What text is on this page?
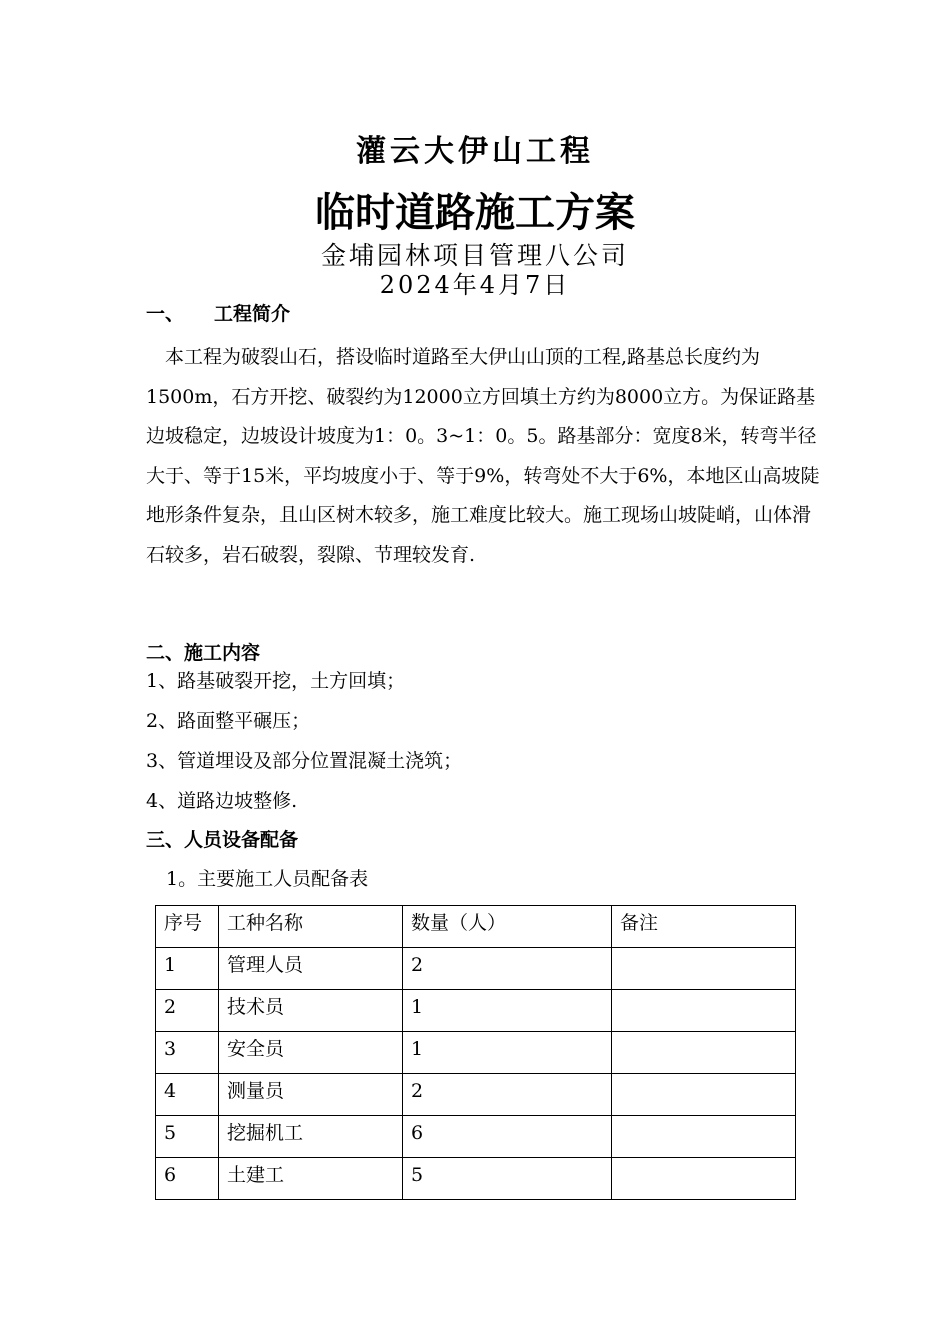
灌云大伊山工程
临时道路施工方案
金埔园林项目管理八公司
2024年4月7日
一、 工程简介
本工程为破裂山石，搭设临时道路至大伊山山顶的工程,路基总长度约为1500m，石方开挖、破裂约为12000立方回填土方约为8000立方。为保证路基边坡稳定，边坡设计坡度为1：0。3~1：0。5。路基部分：宽度8米，转弯半径大于、等于15米，平均坡度小于、等于9%，转弯处不大于6%，本地区山高坡陡地形条件复杂，且山区树木较多，施工难度比较大。施工现场山坡陡峭，山体滑石较多，岩石破裂，裂隙、节理较发育.
二、施工内容
1、路基破裂开挖，土方回填；
2、路面整平碾压；
3、管道埋设及部分位置混凝土浇筑；
4、道路边坡整修.
三、人员设备配备
1。主要施工人员配备表
序号	工种名称	数量（人）	备注
1	管理人员	2	
2	技术员	1	
3	安全员	1	
4	测量员	2	
5	挖掘机工	6	
6	土建工	5	
